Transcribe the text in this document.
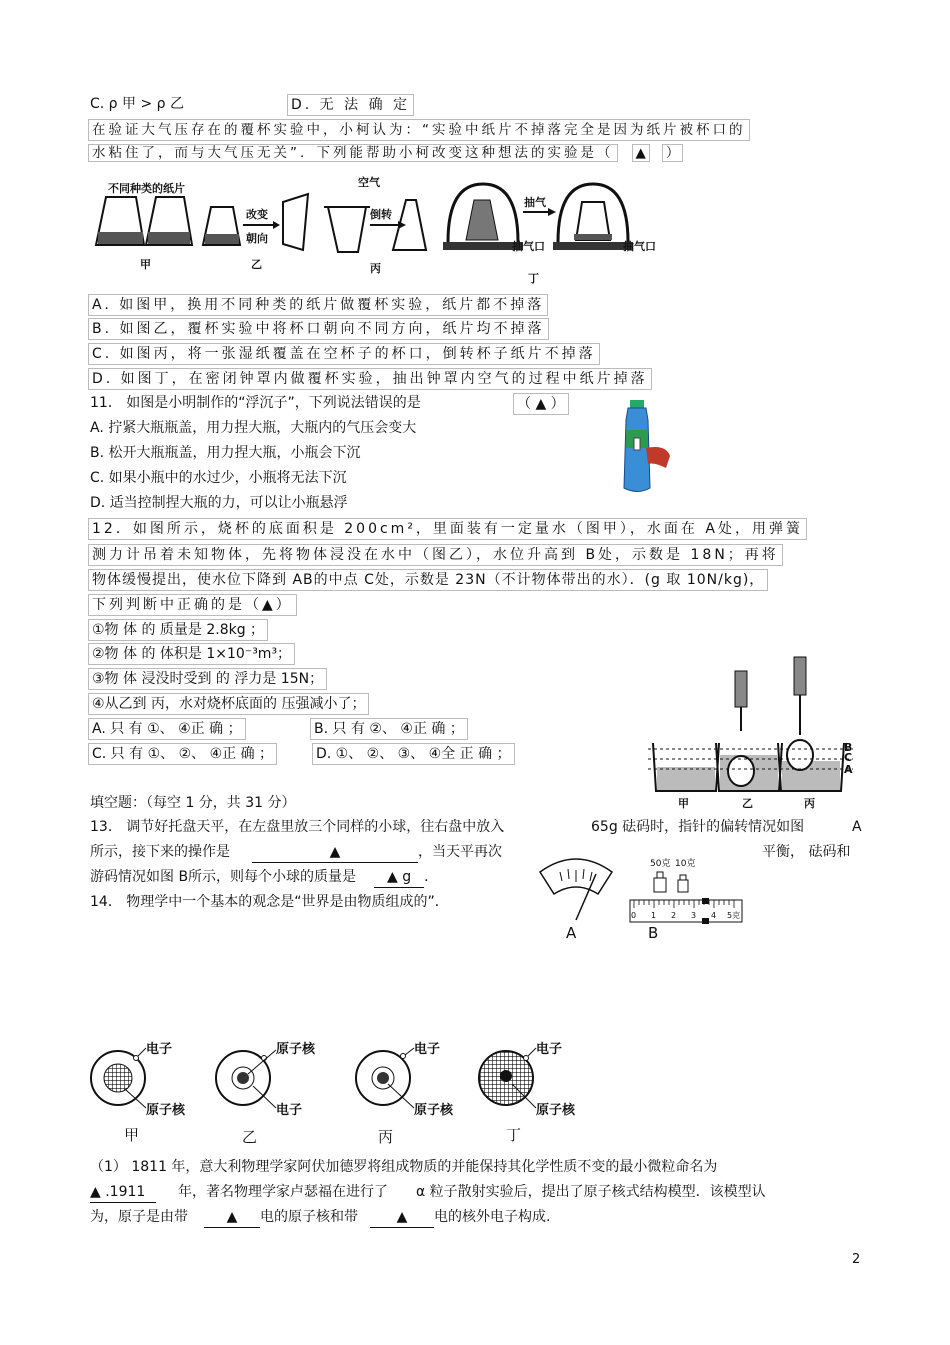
C. ρ 甲 > ρ 乙	D. 无 法 确 定
在验证大气压存在的覆杯实验中，小柯认为：“实验中纸片不掉落完全是因为纸片被杯口的
水粘住了，而与大气压无关”．下列能帮助小柯改变这种想法的实验是（ ▲ ）
不同种类的纸片
甲
改变
朝向
乙
空气
倒转
丙
抽气
抽气口	抽气口
丁
A. 如图甲，换用不同种类的纸片做覆杯实验，纸片都不掉落
B. 如图乙，覆杯实验中将杯口朝向不同方向，纸片均不掉落
C. 如图丙，将一张湿纸覆盖在空杯子的杯口，倒转杯子纸片不掉落
D. 如图丁，在密闭钟罩内做覆杯实验，抽出钟罩内空气的过程中纸片掉落
11． 如图是小明制作的“浮沉子”，下列说法错误的是	（ ▲ ）
A. 拧紧大瓶瓶盖，用力捏大瓶，大瓶内的气压会变大
B. 松开大瓶瓶盖，用力捏大瓶，小瓶会下沉
C. 如果小瓶中的水过少，小瓶将无法下沉
D. 适当控制捏大瓶的力，可以让小瓶悬浮
12．如图所示，烧杯的底面积是 200cm²，里面装有一定量水（图甲），水面在 A处，用弹簧
测力计吊着未知物体，先将物体浸没在水中（图乙），水位升高到 B处，示数是 18N；再将
物体缓慢提出，使水位下降到 AB的中点 C处，示数是 23N（不计物体带出的水）．(g 取 10N/kg)，
下列判断中正确的是（▲）
①物 体 的 质量是 2.8kg ；
②物 体 的 体积是 1×10⁻³m³；
③物 体 浸没时受到 的 浮力是 15N；
④从乙到 丙，水对烧杯底面的 压强减小了；
A. 只 有 ①、 ④正 确 ；	B. 只 有 ②、 ④正 确 ；
C. 只 有 ①、 ②、 ④正 确 ；	D. ①、 ②、 ③、 ④全 正 确 ；	B
C
A
甲	乙	丙
填空题：（每空 1 分，共 31 分）
13． 调节好托盘天平，在左盘里放三个同样的小球，往右盘中放入	65g 砝码时，指针的偏转情况如图	A
所示，接下来的操作是	▲	，当天平再次	平衡， 砝码和
游码情况如图 B所示，则每个小球的质量是 ▲ g ．
A
50克 10克
0 1 2 3 4 5克
B
14． 物理学中一个基本的观念是“世界是由物质组成的”．
电子
原子核
甲
原子核
电子
乙
电子
原子核
丙
电子
原子核
丁
（1） 1811 年，意大利物理学家阿伏加德罗将组成物质的并能保持其化学性质不变的最小微粒命名为
▲ .1911 年，著名物理学家卢瑟福在进行了 α 粒子散射实验后，提出了原子核式结构模型．该模型认
为，原子是由带	▲ 电的原子核和带	▲ 电的核外电子构成.
2
